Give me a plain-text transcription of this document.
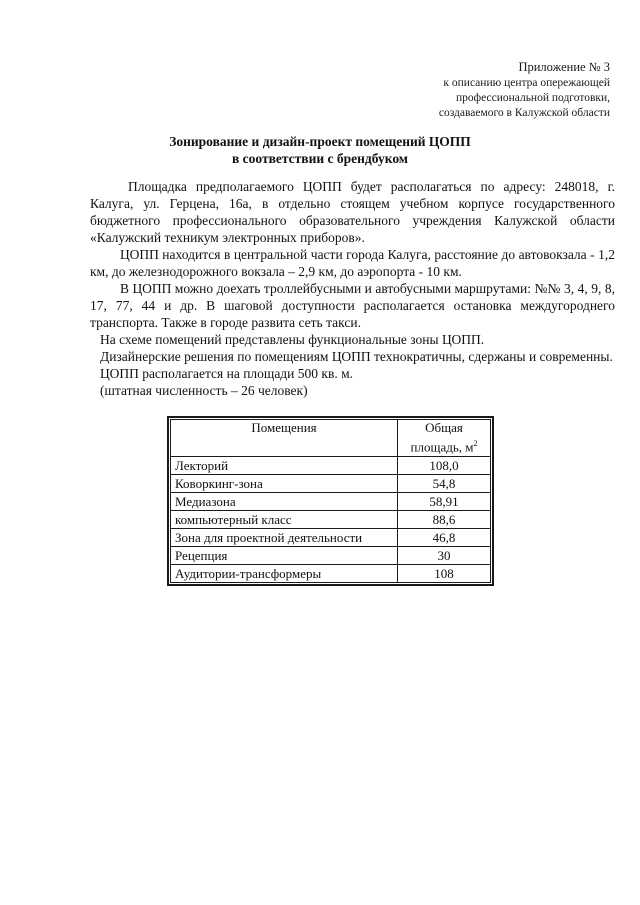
Приложение № 3
к описанию центра опережающей
профессиональной подготовки,
создаваемого в Калужской области
Зонирование и дизайн-проект помещений ЦОПП
в соответствии с брендбуком

Площадка предполагаемого ЦОПП будет располагаться по адресу: 248018, г. Калуга, ул. Герцена, 16а, в отдельно стоящем учебном корпусе государственного бюджетного профессионального образовательного учреждения Калужской области «Калужский техникум электронных приборов».

ЦОПП находится в центральной части города Калуга, расстояние до автовокзала - 1,2 км, до железнодорожного вокзала – 2,9 км, до аэропорта - 10 км.

В ЦОПП можно доехать троллейбусными и автобусными маршрутами: №№ 3, 4, 9, 8, 17, 77, 44 и др. В шаговой доступности располагается остановка междугороднего транспорта. Также в городе развита сеть такси.

На схеме помещений представлены функциональные зоны ЦОПП.

Дизайнерские решения по помещениям ЦОПП технократичны, сдержаны и современны.

ЦОПП располагается на площади 500 кв. м.

(штатная численность – 26 человек)

Помещения	Общая
площадь, $м^2$

Лекторий	108,0
Коворкинг-зона	54,8
Медиазона	58,91
компьютерный класс	88,6
Зона для проектной деятельности	46,8
Рецепция	30
Аудитории-трансформеры	108
